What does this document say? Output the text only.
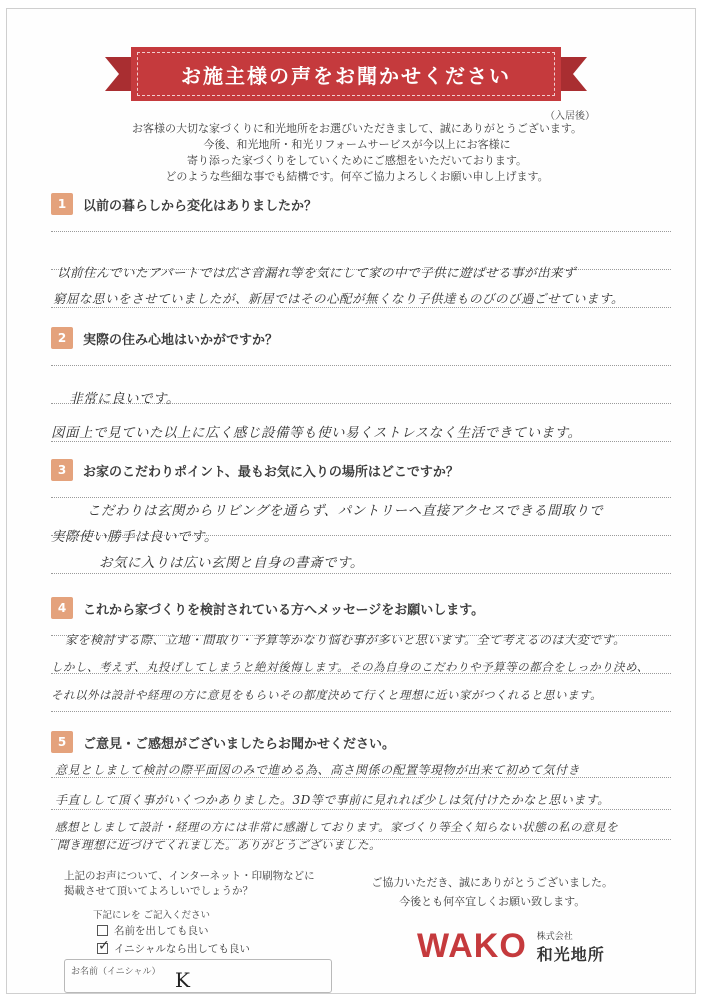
お施主様の声をお聞かせください
（入居後）
お客様の大切な家づくりに和光地所をお選びいただきまして、誠にありがとうございます。
今後、和光地所・和光リフォームサービスが今以上にお客様に
寄り添った家づくりをしていくためにご感想をいただいております。
どのような些細な事でも結構です。何卒ご協力よろしくお願い申し上げます。
1	以前の暮らしから変化はありましたか？
以前住んでいたアパートでは広さ音漏れ等を気にして家の中で子供に遊ばせる事が出来ず
窮屈な思いをさせていましたが、新居ではその心配が無くなり子供達ものびのび過ごせています。
2	実際の住み心地はいかがですか？
非常に良いです。
図面上で見ていた以上に広く感じ設備等も使い易くストレスなく生活できています。
3	お家のこだわりポイント、最もお気に入りの場所はどこですか？
こだわりは玄関からリビングを通らず、パントリーへ直接アクセスできる間取りで
実際使い勝手は良いです。
お気に入りは広い玄関と自身の書斎です。
4	これから家づくりを検討されている方へメッセージをお願いします。
家を検討する際、立地・間取り・予算等かなり悩む事が多いと思います。全て考えるのは大変です。
しかし、考えず、丸投げしてしまうと絶対後悔します。その為自身のこだわりや予算等の都合をしっかり決め、
それ以外は設計や経理の方に意見をもらいその都度決めて行くと理想に近い家がつくれると思います。
5	ご意見・ご感想がございましたらお聞かせください。
意見としまして検討の際平面図のみで進める為、高さ関係の配置等現物が出来て初めて気付き
手直しして頂く事がいくつかありました。3D等で事前に見れれば少しは気付けたかなと思います。
感想としまして設計・経理の方には非常に感謝しております。家づくり等全く知らない状態の私の意見を
聞き理想に近づけてくれました。ありがとうございました。
上記のお声について、インターネット・印刷物などに
掲載させて頂いてよろしいでしょうか？
下記にレを ご記入ください
名前を出しても良い
✓ イニシャルなら出しても良い
お名前（イニシャル） K
ご協力いただき、誠にありがとうございました。
今後とも何卒宜しくお願い致します。
WAKO 株式会社
和光地所
